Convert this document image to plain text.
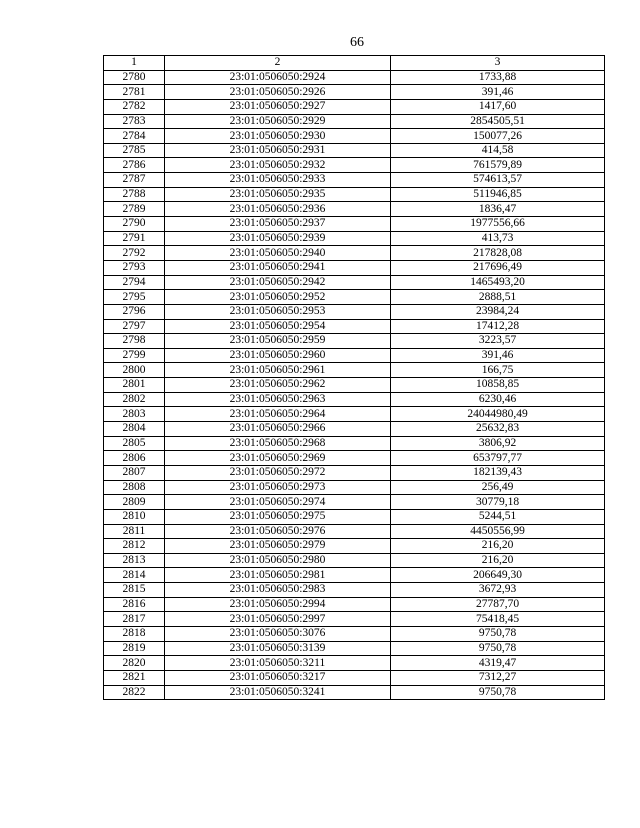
66
1	2	3
2780	23:01:0506050:2924	1733,88
2781	23:01:0506050:2926	391,46
2782	23:01:0506050:2927	1417,60
2783	23:01:0506050:2929	2854505,51
2784	23:01:0506050:2930	150077,26
2785	23:01:0506050:2931	414,58
2786	23:01:0506050:2932	761579,89
2787	23:01:0506050:2933	574613,57
2788	23:01:0506050:2935	511946,85
2789	23:01:0506050:2936	1836,47
2790	23:01:0506050:2937	1977556,66
2791	23:01:0506050:2939	413,73
2792	23:01:0506050:2940	217828,08
2793	23:01:0506050:2941	217696,49
2794	23:01:0506050:2942	1465493,20
2795	23:01:0506050:2952	2888,51
2796	23:01:0506050:2953	23984,24
2797	23:01:0506050:2954	17412,28
2798	23:01:0506050:2959	3223,57
2799	23:01:0506050:2960	391,46
2800	23:01:0506050:2961	166,75
2801	23:01:0506050:2962	10858,85
2802	23:01:0506050:2963	6230,46
2803	23:01:0506050:2964	24044980,49
2804	23:01:0506050:2966	25632,83
2805	23:01:0506050:2968	3806,92
2806	23:01:0506050:2969	653797,77
2807	23:01:0506050:2972	182139,43
2808	23:01:0506050:2973	256,49
2809	23:01:0506050:2974	30779,18
2810	23:01:0506050:2975	5244,51
2811	23:01:0506050:2976	4450556,99
2812	23:01:0506050:2979	216,20
2813	23:01:0506050:2980	216,20
2814	23:01:0506050:2981	206649,30
2815	23:01:0506050:2983	3672,93
2816	23:01:0506050:2994	27787,70
2817	23:01:0506050:2997	75418,45
2818	23:01:0506050:3076	9750,78
2819	23:01:0506050:3139	9750,78
2820	23:01:0506050:3211	4319,47
2821	23:01:0506050:3217	7312,27
2822	23:01:0506050:3241	9750,78
